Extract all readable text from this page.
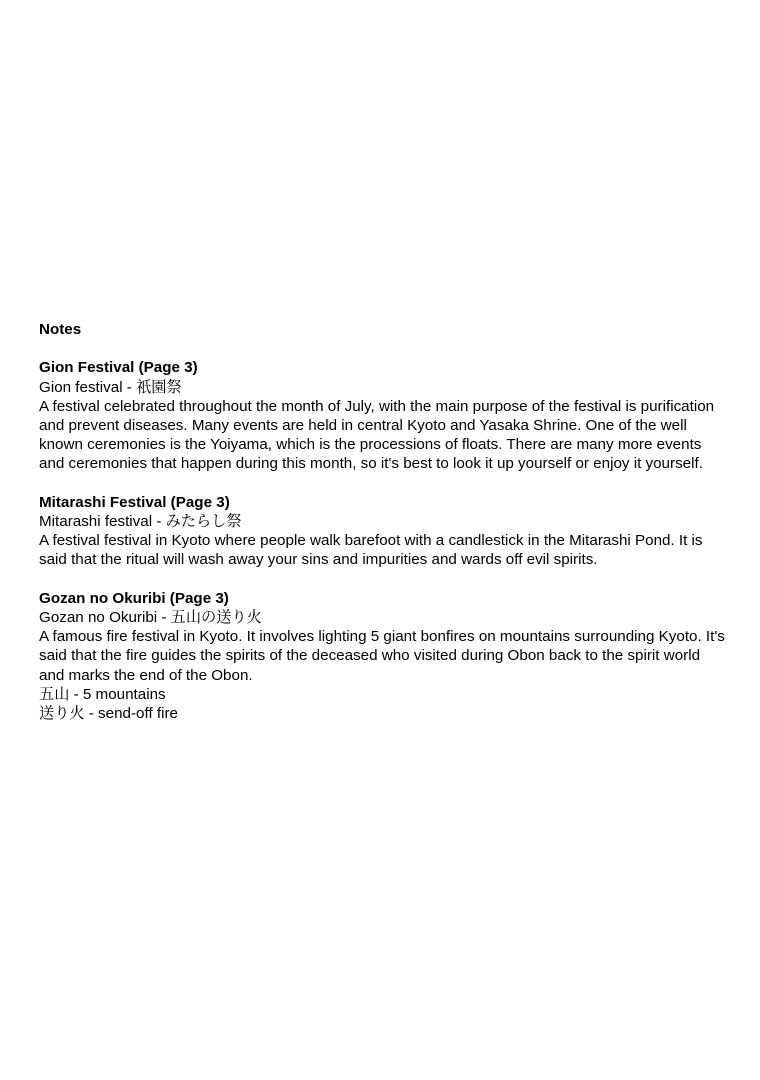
Notes

Gion Festival (Page 3)

Gion festival - 祇園祭

A festival celebrated throughout the month of July, with the main purpose of the festival is purification and prevent diseases. Many events are held in central Kyoto and Yasaka Shrine. One of the well known ceremonies is the Yoiyama, which is the processions of floats. There are many more events and ceremonies that happen during this month, so it's best to look it up yourself or enjoy it yourself.

Mitarashi Festival (Page 3)

Mitarashi festival - みたらし祭

A festival festival in Kyoto where people walk barefoot with a candlestick in the Mitarashi Pond. It is said that the ritual will wash away your sins and impurities and wards off evil spirits.

Gozan no Okuribi (Page 3)

Gozan no Okuribi - 五山の送り火

A famous fire festival in Kyoto. It involves lighting 5 giant bonfires on mountains surrounding Kyoto. It's said that the fire guides the spirits of the deceased who visited during Obon back to the spirit world and marks the end of the Obon.

五山 - 5 mountains

送り火 - send-off fire
